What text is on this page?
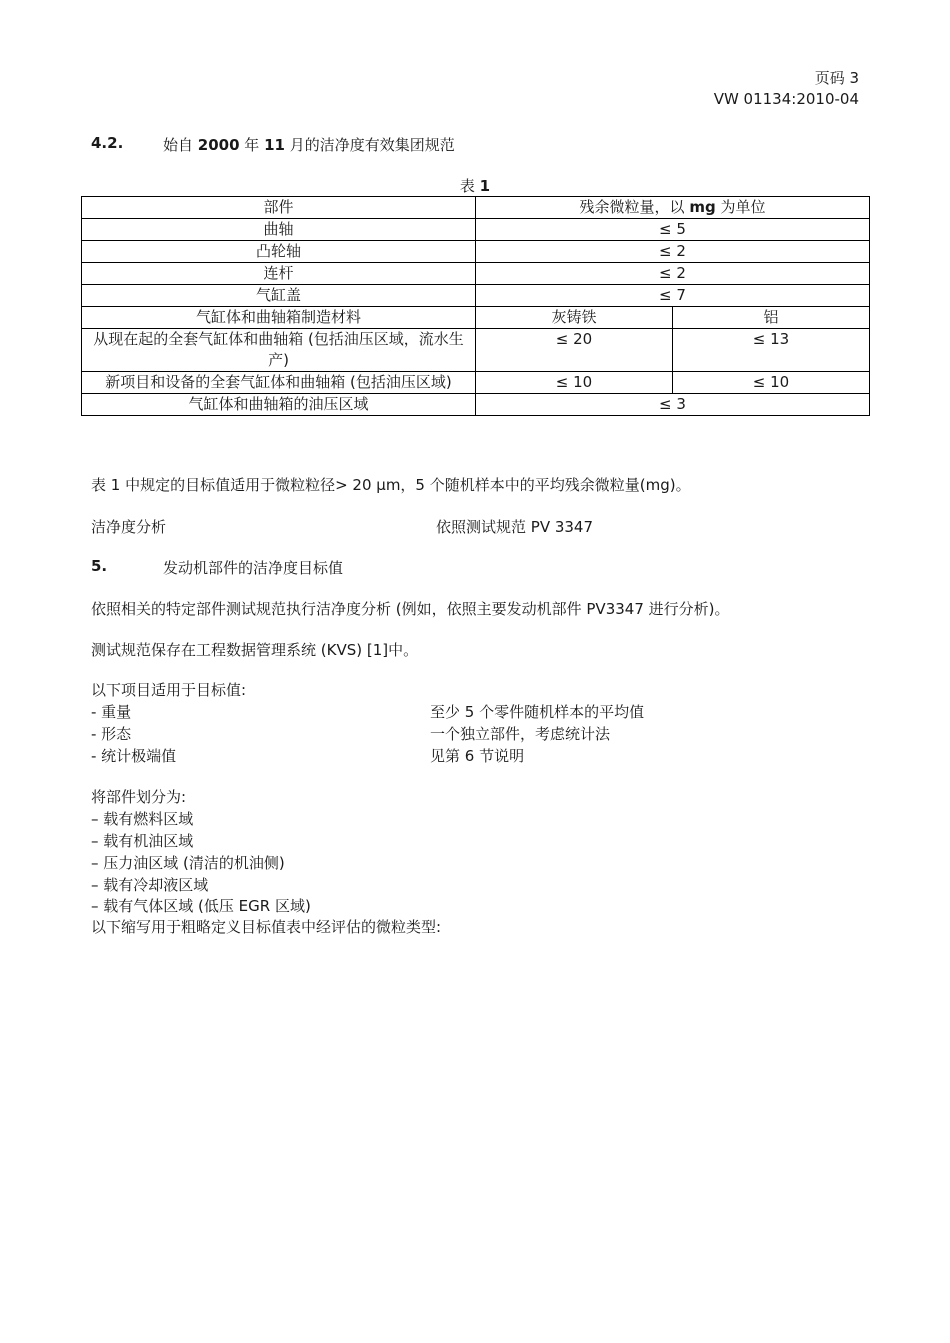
页码 3
VW 01134:2010-04
4.2.	始自 2000 年 11 月的洁净度有效集团规范
表 1
部件	残余微粒量，以 mg 为单位	
曲轴	≤ 5	
凸轮轴	≤ 2	
连杆	≤ 2	
气缸盖	≤ 7	
气缸体和曲轴箱制造材料	灰铸铁	铝
从现在起的全套气缸体和曲轴箱 (包括油压区域，流水生产)	≤ 20	≤ 13
新项目和设备的全套气缸体和曲轴箱 (包括油压区域)	≤ 10	≤ 10
气缸体和曲轴箱的油压区域	≤ 3	
表 1 中规定的目标值适用于微粒粒径> 20 µm，5 个随机样本中的平均残余微粒量(mg)。
洁净度分析	依照测试规范 PV 3347
5.	发动机部件的洁净度目标值
依照相关的特定部件测试规范执行洁净度分析 (例如，依照主要发动机部件 PV3347 进行分析)。
测试规范保存在工程数据管理系统 (KVS) [1]中。
以下项目适用于目标值:
- 重量	至少 5 个零件随机样本的平均值
- 形态	一个独立部件，考虑统计法
- 统计极端值	见第 6 节说明
将部件划分为:
– 载有燃料区域
– 载有机油区域
– 压力油区域 (清洁的机油侧)
– 载有冷却液区域
– 载有气体区域 (低压 EGR 区域)
以下缩写用于粗略定义目标值表中经评估的微粒类型:
